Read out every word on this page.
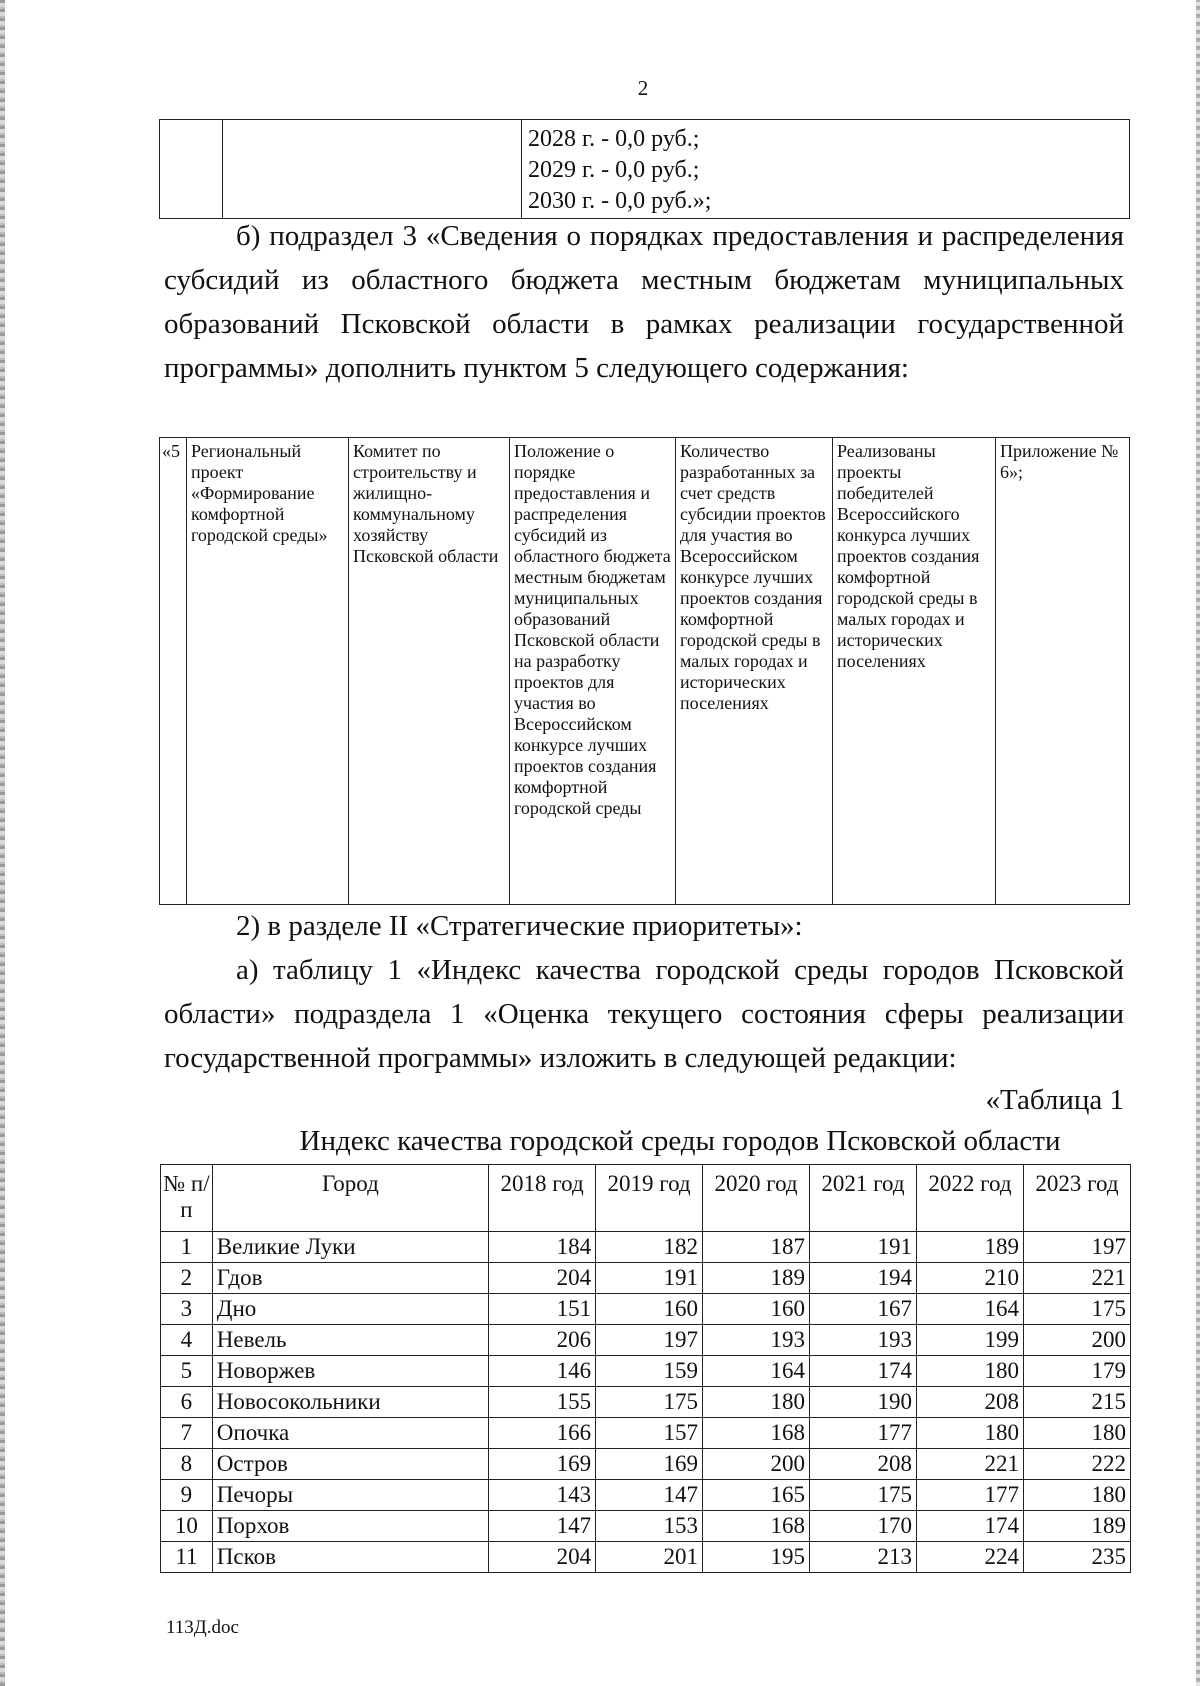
2

2028 г. - 0,0 руб.;
2029 г. - 0,0 руб.;
2030 г. - 0,0 руб.»;
б) подраздел 3 «Сведения о порядках предоставления и распределения субсидий из областного бюджета местным бюджетам муниципальных образований Псковской области в рамках реализации государственной программы» дополнить пунктом 5 следующего содержания:
«5	Региональный проект «Формирование комфортной городской среды»	Комитет по строительству и жилищно-коммунальному хозяйству Псковской области	Положение о порядке предоставления и распределения субсидий из областного бюджета местным бюджетам муниципальных образований Псковской области на разработку проектов для участия во Всероссийском конкурсе лучших проектов создания комфортной городской среды	Количество разработанных за счет средств субсидии проектов для участия во Всероссийском конкурсе лучших проектов создания комфортной городской среды в малых городах и исторических поселениях	Реализованы проекты победителей Всероссийского конкурса лучших проектов создания комфортной городской среды в малых городах и исторических поселениях	Приложение № 6»;
2) в разделе II «Стратегические приоритеты»:
а) таблицу 1 «Индекс качества городской среды городов Псковской области» подраздела 1 «Оценка текущего состояния сферы реализации государственной программы» изложить в следующей редакции:
«Таблица 1
Индекс качества городской среды городов Псковской области
№ п/п	Город	2018 год	2019 год	2020 год	2021 год	2022 год	2023 год
1	Великие Луки	184	182	187	191	189	197
2	Гдов	204	191	189	194	210	221
3	Дно	151	160	160	167	164	175
4	Невель	206	197	193	193	199	200
5	Новоржев	146	159	164	174	180	179
6	Новосокольники	155	175	180	190	208	215
7	Опочка	166	157	168	177	180	180
8	Остров	169	169	200	208	221	222
9	Печоры	143	147	165	175	177	180
10	Порхов	147	153	168	170	174	189
11	Псков	204	201	195	213	224	235
113Д.doc
